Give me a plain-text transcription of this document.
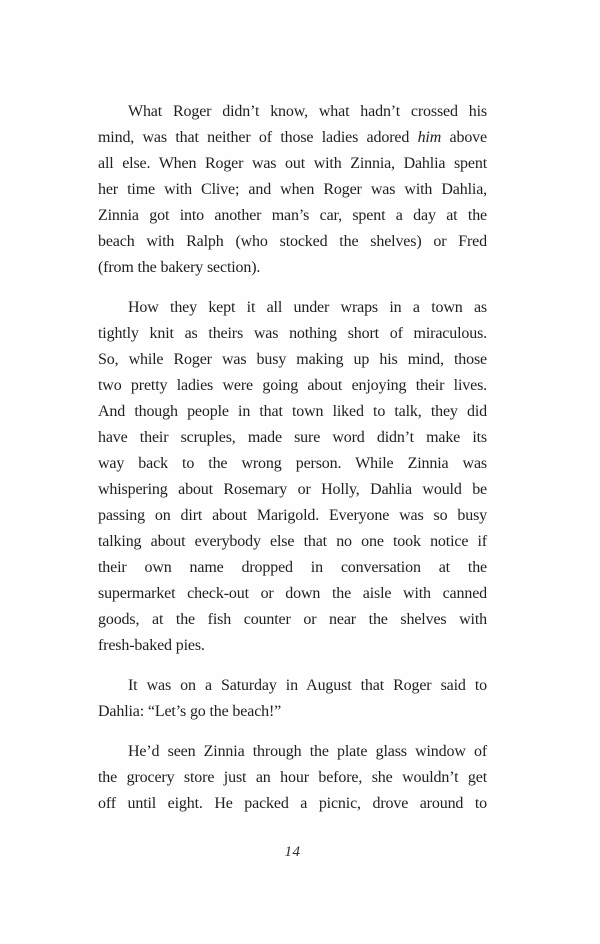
What Roger didn’t know, what hadn’t crossed his
mind, was that neither of those ladies adored him above
all else. When Roger was out with Zinnia, Dahlia spent
her time with Clive; and when Roger was with Dahlia,
Zinnia got into another man’s car, spent a day at the
beach with Ralph (who stocked the shelves) or Fred
(from the bakery section).
How they kept it all under wraps in a town as
tightly knit as theirs was nothing short of miraculous.
So, while Roger was busy making up his mind, those
two pretty ladies were going about enjoying their lives.
And though people in that town liked to talk, they did
have their scruples, made sure word didn’t make its
way back to the wrong person. While Zinnia was
whispering about Rosemary or Holly, Dahlia would be
passing on dirt about Marigold. Everyone was so busy
talking about everybody else that no one took notice if
their own name dropped in conversation at the
supermarket check-out or down the aisle with canned
goods, at the fish counter or near the shelves with
fresh-baked pies.
It was on a Saturday in August that Roger said to
Dahlia: “Let’s go the beach!”
He’d seen Zinnia through the plate glass window of
the grocery store just an hour before, she wouldn’t get
off until eight. He packed a picnic, drove around to
14
